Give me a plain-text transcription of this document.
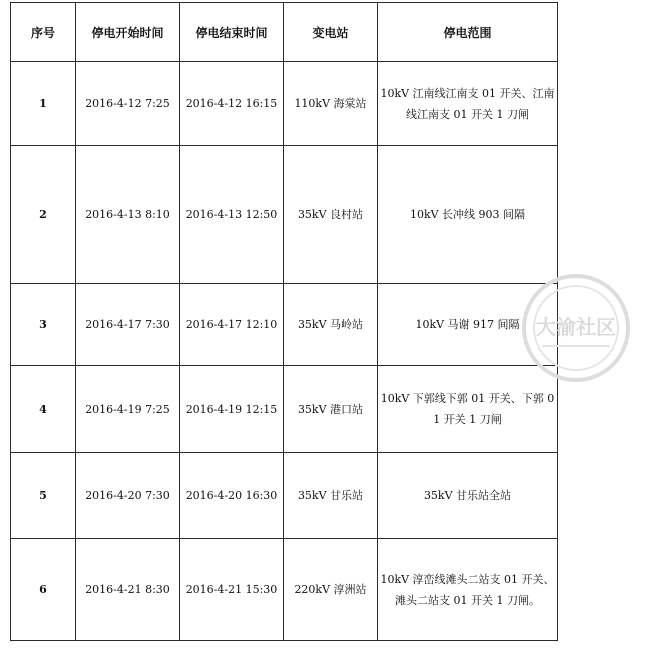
序号	停电开始时间	停电结束时间	变电站	停电范围
1	2016-4-12 7:25	2016-4-12 16:15	110kV 海棠站	10kV 江南线江南支 01 开关、江南线江南支 01 开关 1 刀闸
2	2016-4-13 8:10	2016-4-13 12:50	35kV 良村站	10kV 长冲线 903 间隔
3	2016-4-17 7:30	2016-4-17 12:10	35kV 马岭站	10kV 马谢 917 间隔
4	2016-4-19 7:25	2016-4-19 12:15	35kV 港口站	10kV 下郭线下郭 01 开关、下郭 01 开关 1 刀闸
5	2016-4-20 7:30	2016-4-20 16:30	35kV 甘乐站	35kV 甘乐站全站
6	2016-4-21 8:30	2016-4-21 15:30	220kV 淳洲站	10kV 淳峦线滩头二站支 01 开关、滩头二站支 01 开关 1 刀闸。
大渝社区
